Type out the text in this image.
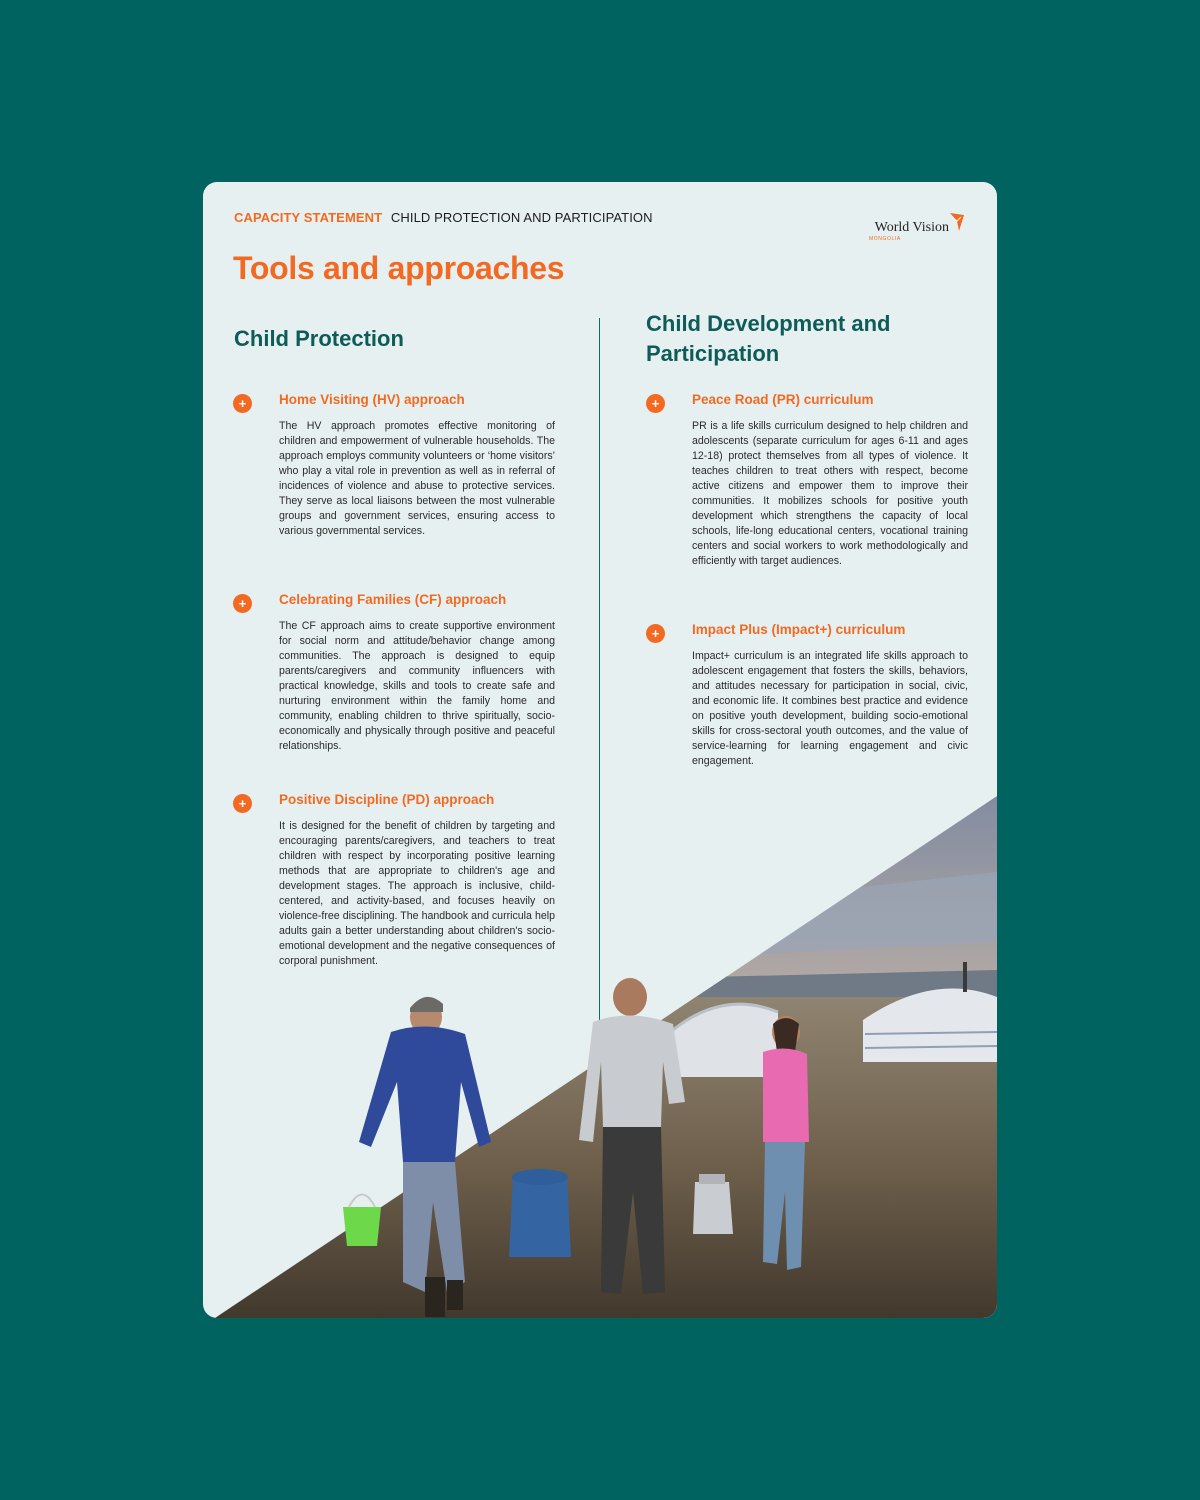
CAPACITY STATEMENT CHILD PROTECTION AND PARTICIPATION
World Vision
MONGOLIA
Tools and approaches
Child Protection
+	Home Visiting (HV) approach

The HV approach promotes effective monitoring of children and empowerment of vulnerable households. The approach employs community volunteers or ‘home visitors’ who play a vital role in prevention as well as in referral of incidences of violence and abuse to protective services. They serve as local liaisons between the most vulnerable groups and government services, ensuring access to various governmental services.

+	Celebrating Families (CF) approach

The CF approach aims to create supportive environment for social norm and attitude/behavior change among communities. The approach is designed to equip parents/caregivers and community influencers with practical knowledge, skills and tools to create safe and nurturing environment within the family home and community, enabling children to thrive spiritually, socio-economically and physically through positive and peaceful relationships.

+	Positive Discipline (PD) approach

It is designed for the benefit of children by targeting and encouraging parents/caregivers, and teachers to treat children with respect by incorporating positive learning methods that are appropriate to children's age and development stages. The approach is inclusive, child-centered, and activity-based, and focuses heavily on violence-free disciplining. The handbook and curricula help adults gain a better understanding about children's socio-emotional development and the negative consequences of corporal punishment.

Child Development and Participation
+	Peace Road (PR) curriculum

PR is a life skills curriculum designed to help children and adolescents (separate curriculum for ages 6-11 and ages 12-18) protect themselves from all types of violence. It teaches children to treat others with respect, become active citizens and empower them to improve their communities. It mobilizes schools for positive youth development which strengthens the capacity of local schools, life-long educational centers, vocational training centers and social workers to work methodologically and efficiently with target audiences.

+	Impact Plus (Impact+) curriculum

Impact+ curriculum is an integrated life skills approach to adolescent engagement that fosters the skills, behaviors, and attitudes necessary for participation in social, civic, and economic life. It combines best practice and evidence on positive youth development, building socio-emotional skills for cross-sectoral youth outcomes, and the value of service-learning for learning engagement and civic engagement.
